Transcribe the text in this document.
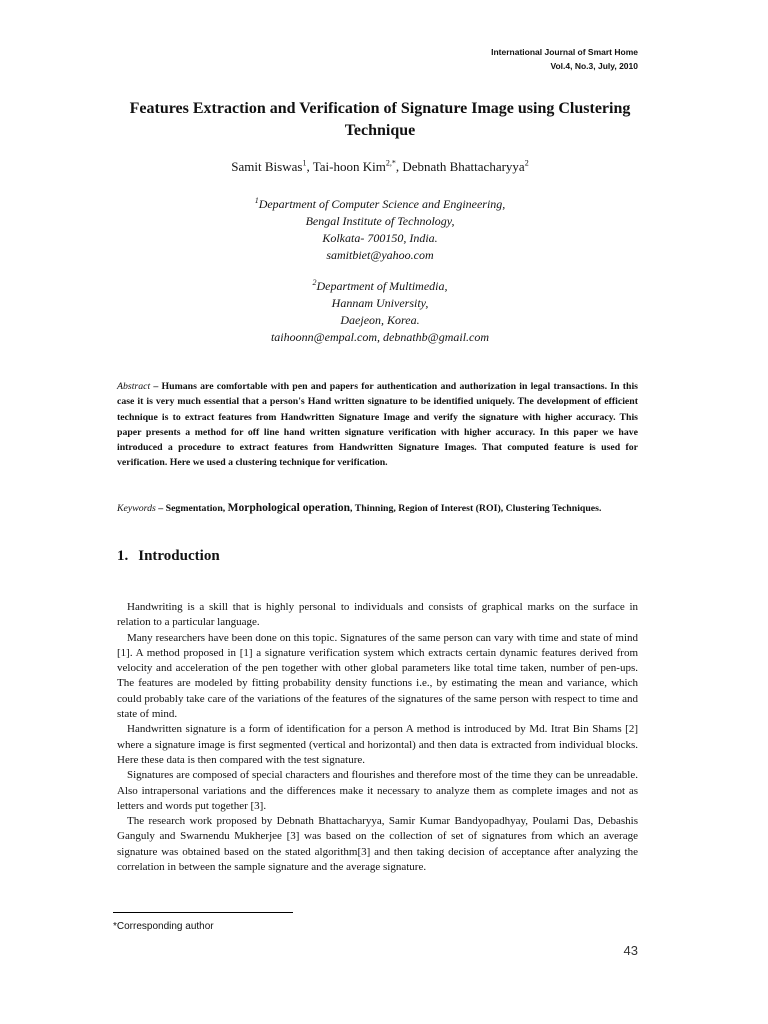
International Journal of Smart Home
Vol.4, No.3, July, 2010
Features Extraction and Verification of Signature Image using Clustering Technique
Samit Biswas$^1$, Tai-hoon Kim$^{2,*}$, Debnath Bhattacharyya$^2$
$^1$Department of Computer Science and Engineering,
Bengal Institute of Technology,
Kolkata- 700150, India.
samitbiet@yahoo.com
$^2$Department of Multimedia,
Hannam University,
Daejeon, Korea.
taihoonn@empal.com, debnathb@gmail.com
Abstract – Humans are comfortable with pen and papers for authentication and authorization in legal transactions. In this case it is very much essential that a person's Hand written signature to be identified uniquely. The development of efficient technique is to extract features from Handwritten Signature Image and verify the signature with higher accuracy. This paper presents a method for off line hand written signature verification with higher accuracy. In this paper we have introduced a procedure to extract features from Handwritten Signature Images. That computed feature is used for verification. Here we used a clustering technique for verification.
Keywords – Segmentation, Morphological operation, Thinning, Region of Interest (ROI), Clustering Techniques.
1. Introduction

Handwriting is a skill that is highly personal to individuals and consists of graphical marks on the surface in relation to a particular language.

Many researchers have been done on this topic. Signatures of the same person can vary with time and state of mind [1]. A method proposed in [1] a signature verification system which extracts certain dynamic features derived from velocity and acceleration of the pen together with other global parameters like total time taken, number of pen-ups. The features are modeled by fitting probability density functions i.e., by estimating the mean and variance, which could probably take care of the variations of the features of the signatures of the same person with respect to time and state of mind.

Handwritten signature is a form of identification for a person A method is introduced by Md. Itrat Bin Shams [2] where a signature image is first segmented (vertical and horizontal) and then data is extracted from individual blocks. Here these data is then compared with the test signature.

Signatures are composed of special characters and flourishes and therefore most of the time they can be unreadable. Also intrapersonal variations and the differences make it necessary to analyze them as complete images and not as letters and words put together [3].

The research work proposed by Debnath Bhattacharyya, Samir Kumar Bandyopadhyay, Poulami Das, Debashis Ganguly and Swarnendu Mukherjee [3] was based on the collection of set of signatures from which an average signature was obtained based on the stated algorithm[3] and then taking decision of acceptance after analyzing the correlation in between the sample signature and the average signature.

*Corresponding author
43
